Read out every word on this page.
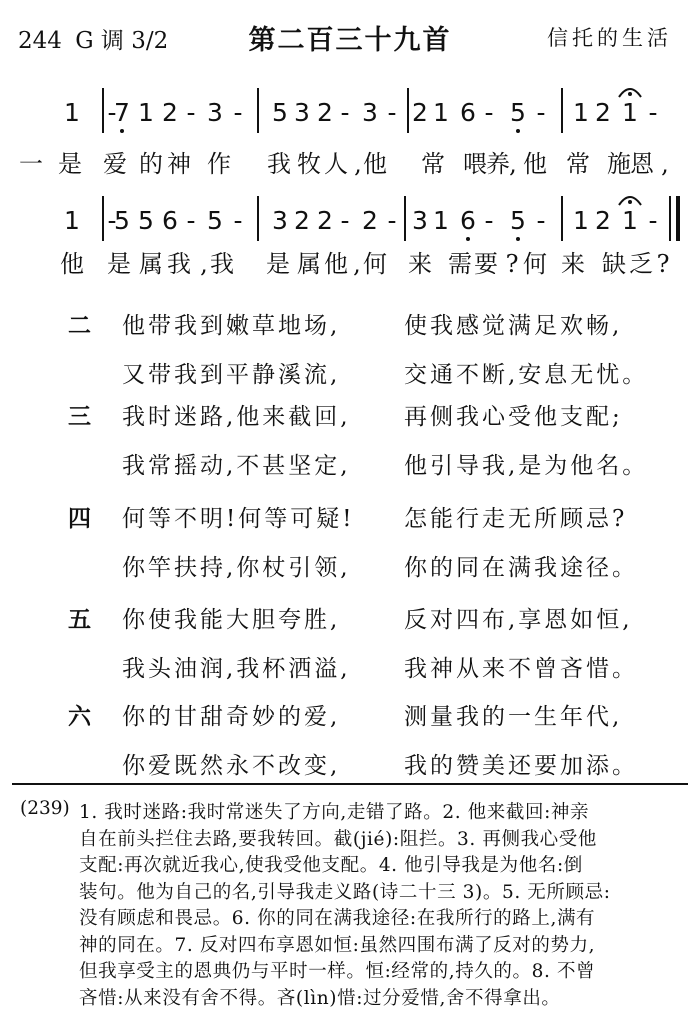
244 G 调 3/2	第二百三十九首	信托的生活
1 -
7 1 2 - 3 - 5 3 2 - 3 - 2 1 6 - 5 - 1 2 1 -
一 是 爱 的 神 作 我 牧 人 , 他 常 喂 养 , 他 常 施 恩 ,
1 -
5 5 6 - 5 - 3 2 2 - 2 - 3 1 6 - 5 - 1 2 1 -
他 是 属 我 , 我 是 属 他 , 何 来 需 要 ? 何 来 缺 乏 ?
二 他带我到嫩草地场,	使我感觉满足欢畅,
又带我到平静溪流,	交通不断,安息无忧。
三 我时迷路,他来截回, 再侧我心受他支配;
我常摇动,不甚坚定, 他引导我,是为他名。
四 何等不明!何等可疑! 怎能行走无所顾忌?
你竿扶持,你杖引领, 你的同在满我途径。
五 你使我能大胆夸胜,	反对四布,享恩如恒,
我头油润,我杯洒溢, 我神从来不曾吝惜。
六 你的甘甜奇妙的爱,	测量我的一生年代,
你爱既然永不改变,	我的赞美还要加添。
(239) 1. 我时迷路:我时常迷失了方向,走错了路。2. 他来截回:神亲
自在前头拦住去路,要我转回。截(jié):阻拦。3. 再侧我心受他
支配:再次就近我心,使我受他支配。4. 他引导我是为他名:倒
装句。他为自己的名,引导我走义路(诗二十三 3)。5. 无所顾忌:
没有顾虑和畏忌。6. 你的同在满我途径:在我所行的路上,满有
神的同在。7. 反对四布享恩如恒:虽然四围布满了反对的势力,
但我享受主的恩典仍与平时一样。恒:经常的,持久的。8. 不曾
吝惜:从来没有舍不得。吝(lìn)惜:过分爱惜,舍不得拿出。
